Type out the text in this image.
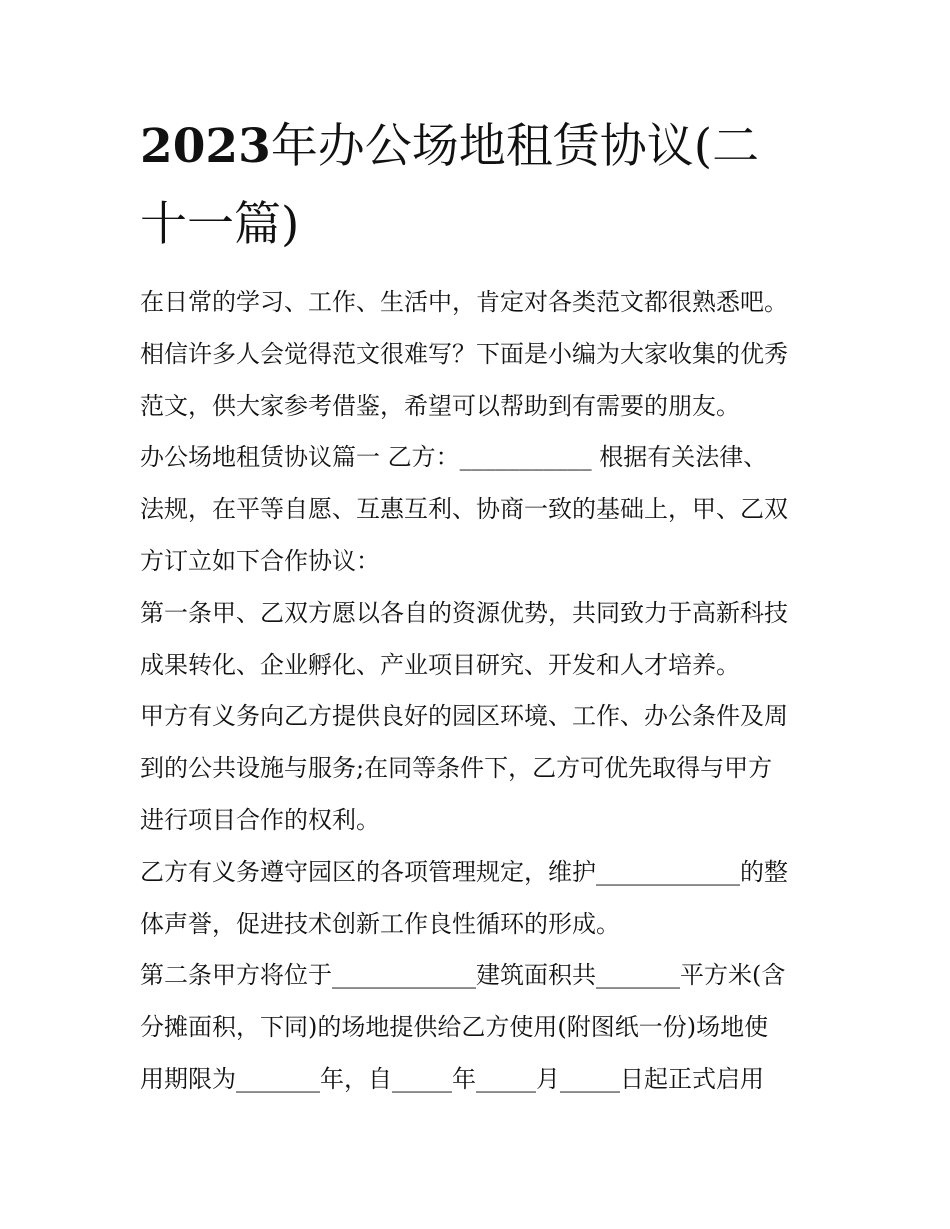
2023年办公场地租赁协议(二
十一篇)

在日常的学习、工作、生活中，肯定对各类范文都很熟悉吧。

相信许多人会觉得范文很难写？下面是小编为大家收集的优秀

范文，供大家参考借鉴，希望可以帮助到有需要的朋友。

办公场地租赁协议篇一 乙方：___________ 根据有关法律、

法规，在平等自愿、互惠互利、协商一致的基础上，甲、乙双

方订立如下合作协议：

第一条甲、乙双方愿以各自的资源优势，共同致力于高新科技

成果转化、企业孵化、产业项目研究、开发和人才培养。

甲方有义务向乙方提供良好的园区环境、工作、办公条件及周

到的公共设施与服务;在同等条件下，乙方可优先取得与甲方

进行项目合作的权利。

乙方有义务遵守园区的各项管理规定，维护____________的整

体声誉，促进技术创新工作良性循环的形成。

第二条甲方将位于____________建筑面积共_______平方米(含

分摊面积，下同)的场地提供给乙方使用(附图纸一份)场地使

用期限为_______年，自_____年_____月_____日起正式启用
